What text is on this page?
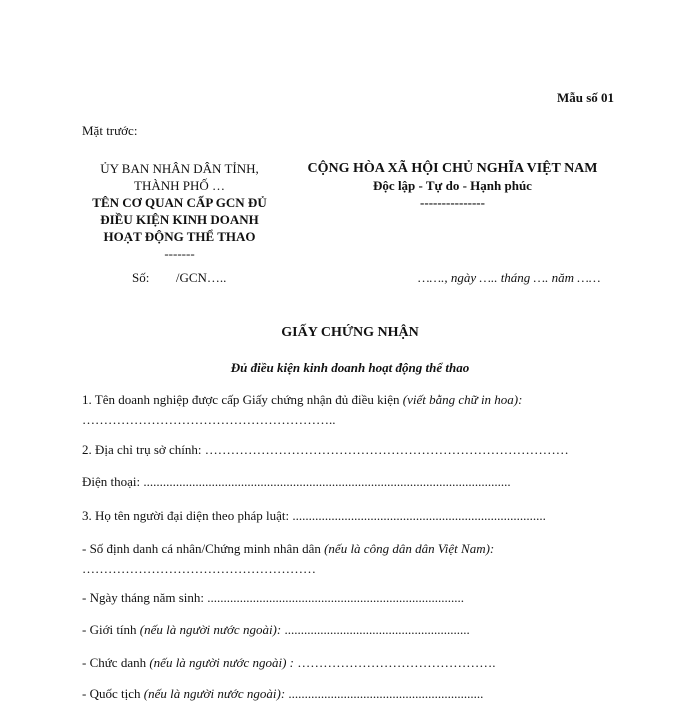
Mẫu số 01
Mặt trước:
ỦY BAN NHÂN DÂN TỈNH,
THÀNH PHỐ …
TÊN CƠ QUAN CẤP GCN ĐỦ
ĐIỀU KIỆN KINH DOANH
HOẠT ĐỘNG THỂ THAO
-------
CỘNG HÒA XÃ HỘI CHỦ NGHĨA VIỆT NAM
Độc lập - Tự do - Hạnh phúc
---------------
Số: /GCN…..	……., ngày ….. tháng …. năm ……
GIẤY CHỨNG NHẬN
Đủ điều kiện kinh doanh hoạt động thể thao
1. Tên doanh nghiệp được cấp Giấy chứng nhận đủ điều kiện (viết bằng chữ in hoa):
…………………………………………………..
2. Địa chỉ trụ sở chính: …………………………………………………………………………
Điện thoại: .................................................................................................................
3. Họ tên người đại diện theo pháp luật: ..............................................................................
- Số định danh cá nhân/Chứng minh nhân dân (nếu là công dân dân Việt Nam):
………………………………………………
- Ngày tháng năm sinh: ...............................................................................
- Giới tính (nếu là người nước ngoài): .........................................................
- Chức danh (nếu là người nước ngoài) : ……………………………………….
- Quốc tịch (nếu là người nước ngoài): ............................................................
